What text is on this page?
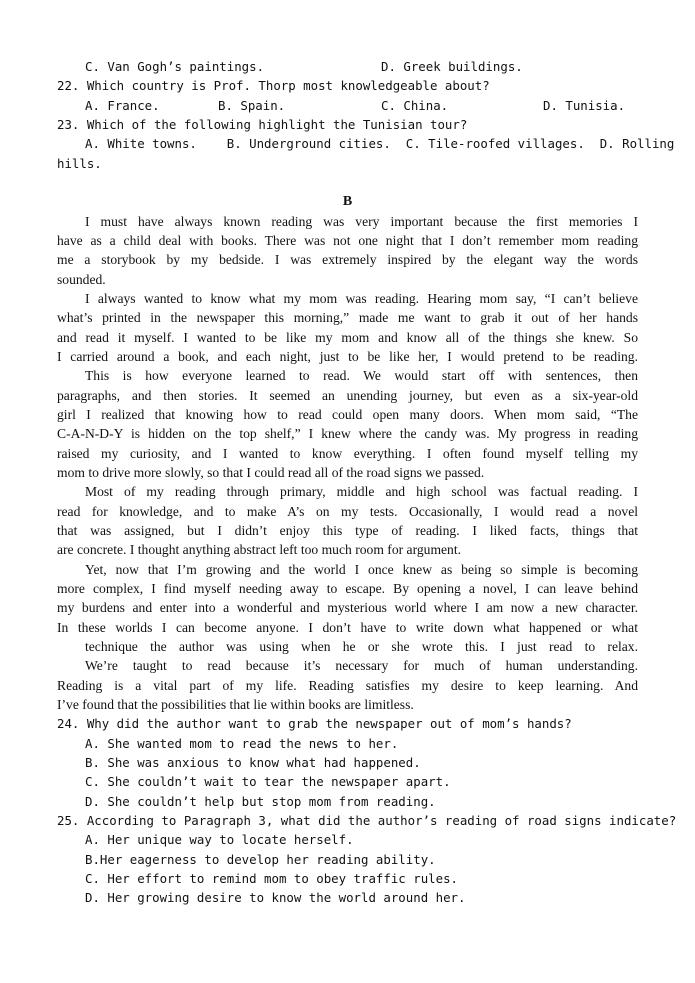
C. Van Gogh’s paintings.	D. Greek buildings.
22. Which country is Prof. Thorp most knowledgeable about?
A. France.	B. Spain.	C. China.	D. Tunisia.
23. Which of the following highlight the Tunisian tour?
A. White towns.    B. Underground cities.  C. Tile-roofed villages.  D. Rolling
hills.
B
I must have always known reading was very important because the first memories I
have as a child deal with books. There was not one night that I don’t remember mom reading
me a storybook by my bedside. I was extremely inspired by the elegant way the words
sounded.
I always wanted to know what my mom was reading. Hearing mom say, “I can’t believe
what’s printed in the newspaper this morning,” made me want to grab it out of her hands
and read it myself. I wanted to be like my mom and know all of the things she knew. So
I carried around a book, and each night, just to be like her, I would pretend to be reading.
This is how everyone learned to read. We would start off with sentences, then
paragraphs, and then stories. It seemed an unending journey, but even as a six-year-old
girl I realized that knowing how to read could open many doors. When mom said, “The
C-A-N-D-Y is hidden on the top shelf,” I knew where the candy was. My progress in reading
raised my curiosity, and I wanted to know everything. I often found myself telling my
mom to drive more slowly, so that I could read all of the road signs we passed.
Most of my reading through primary, middle and high school was factual reading. I
read for knowledge, and to make A’s on my tests. Occasionally, I would read a novel
that was assigned, but I didn’t enjoy this type of reading. I liked facts, things that
are concrete. I thought anything abstract left too much room for argument.
Yet, now that I’m growing and the world I once knew as being so simple is becoming
more complex, I find myself needing away to escape. By opening a novel, I can leave behind
my burdens and enter into a wonderful and mysterious world where I am now a new character.
In these worlds I can become anyone. I don’t have to write down what happened or what
technique the author was using when he or she wrote this. I just read to relax.
We’re taught to read because it’s necessary for much of human understanding.
Reading is a vital part of my life. Reading satisfies my desire to keep learning. And
I’ve found that the possibilities that lie within books are limitless.
24. Why did the author want to grab the newspaper out of mom’s hands?
A. She wanted mom to read the news to her.
B. She was anxious to know what had happened.
C. She couldn’t wait to tear the newspaper apart.
D. She couldn’t help but stop mom from reading.
25. According to Paragraph 3, what did the author’s reading of road signs indicate?
A. Her unique way to locate herself.
B.Her eagerness to develop her reading ability.
C. Her effort to remind mom to obey traffic rules.
D. Her growing desire to know the world around her.
